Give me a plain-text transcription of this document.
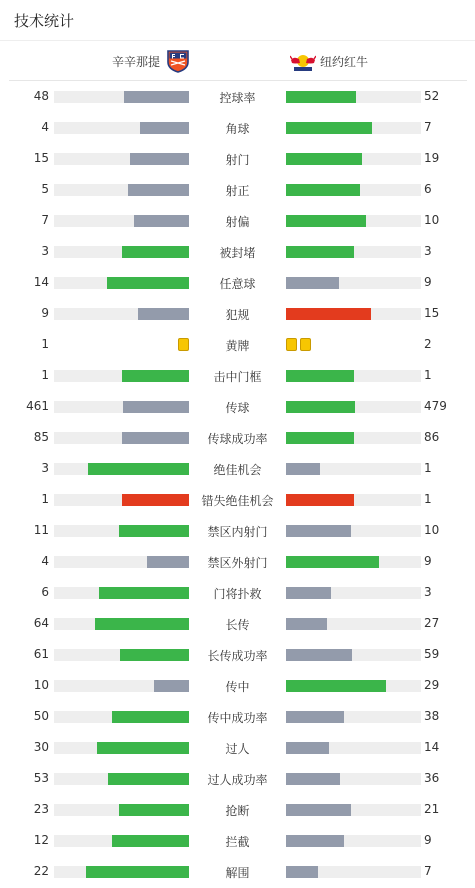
技术统计
辛辛那提	纽约红牛
48	控球率	52
4	角球	7
15	射门	19
5	射正	6
7	射偏	10
3	被封堵	3
14	任意球	9
9	犯规	15
1	黄牌	2
1	击中门框	1
461	传球	479
85	传球成功率	86
3	绝佳机会	1
1	错失绝佳机会	1
11	禁区内射门	10
4	禁区外射门	9
6	门将扑救	3
64	长传	27
61	长传成功率	59
10	传中	29
50	传中成功率	38
30	过人	14
53	过人成功率	36
23	抢断	21
12	拦截	9
22	解围	7
